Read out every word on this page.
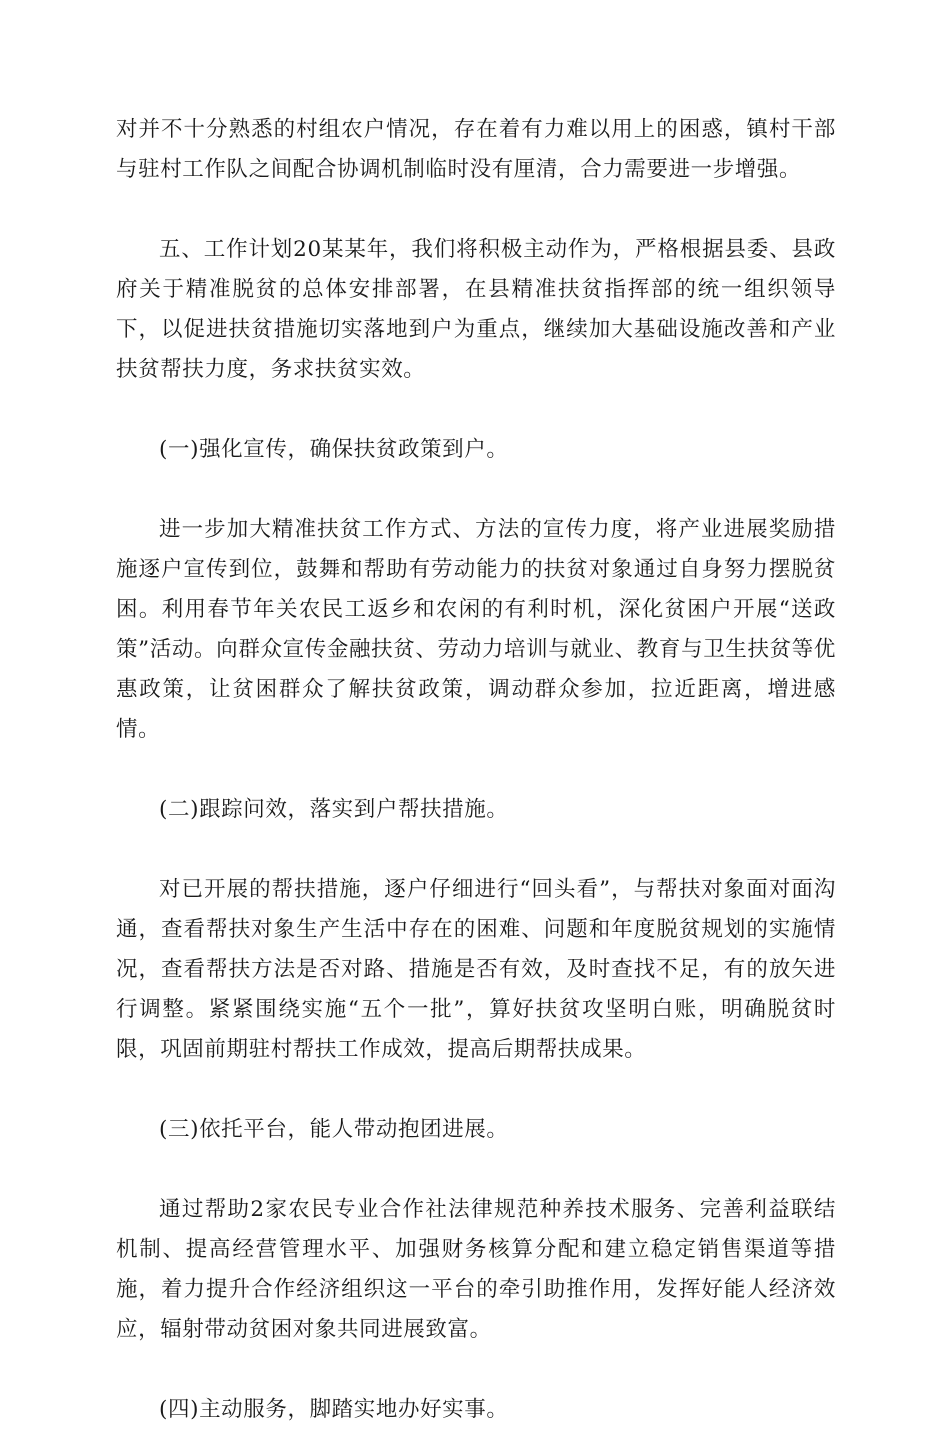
对并不十分熟悉的村组农户情况，存在着有力难以用上的困惑，镇村干部与驻村工作队之间配合协调机制临时没有厘清，合力需要进一步增强。

五、工作计划20某某年，我们将积极主动作为，严格根据县委、县政府关于精准脱贫的总体安排部署，在县精准扶贫指挥部的统一组织领导下，以促进扶贫措施切实落地到户为重点，继续加大基础设施改善和产业扶贫帮扶力度，务求扶贫实效。

(一)强化宣传，确保扶贫政策到户。

进一步加大精准扶贫工作方式、方法的宣传力度，将产业进展奖励措施逐户宣传到位，鼓舞和帮助有劳动能力的扶贫对象通过自身努力摆脱贫困。利用春节年关农民工返乡和农闲的有利时机，深化贫困户开展“送政策”活动。向群众宣传金融扶贫、劳动力培训与就业、教育与卫生扶贫等优惠政策，让贫困群众了解扶贫政策，调动群众参加，拉近距离，增进感情。

(二)跟踪问效，落实到户帮扶措施。

对已开展的帮扶措施，逐户仔细进行“回头看”，与帮扶对象面对面沟通，查看帮扶对象生产生活中存在的困难、问题和年度脱贫规划的实施情况，查看帮扶方法是否对路、措施是否有效，及时查找不足，有的放矢进行调整。紧紧围绕实施“五个一批”，算好扶贫攻坚明白账，明确脱贫时限，巩固前期驻村帮扶工作成效，提高后期帮扶成果。

(三)依托平台，能人带动抱团进展。

通过帮助2家农民专业合作社法律规范种养技术服务、完善利益联结机制、提高经营管理水平、加强财务核算分配和建立稳定销售渠道等措施，着力提升合作经济组织这一平台的牵引助推作用，发挥好能人经济效应，辐射带动贫困对象共同进展致富。

(四)主动服务，脚踏实地办好实事。
